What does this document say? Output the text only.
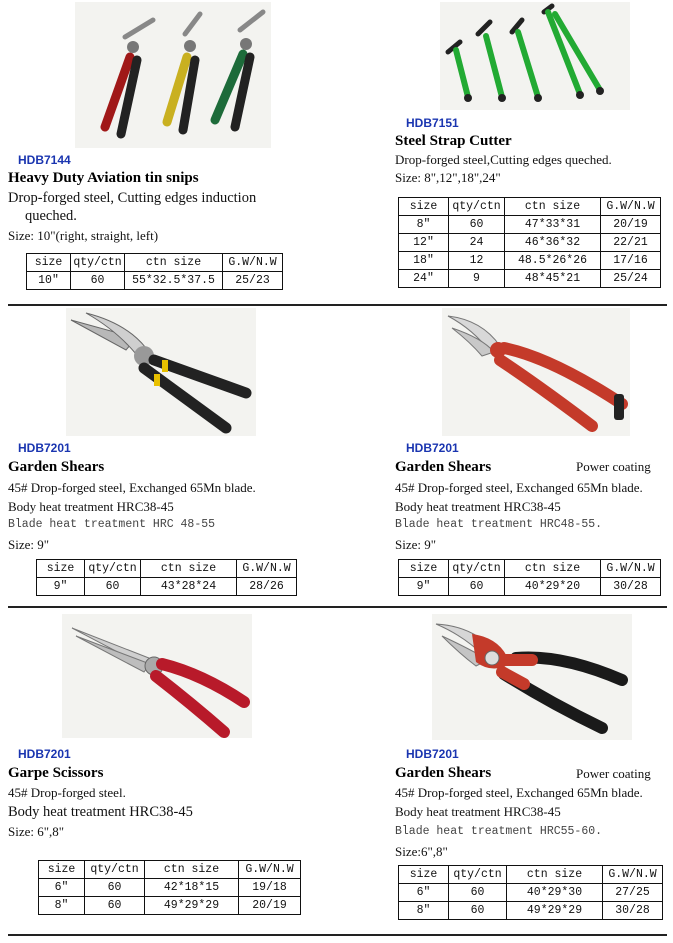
HDB7144
Heavy Duty Aviation tin snips
Drop-forged steel, Cutting edges induction
queched.
Size: 10"(right, straight, left)
size	qty/ctn	ctn size	G.W/N.W
10"	60	55*32.5*37.5	25/23
HDB7151
Steel Strap Cutter
Drop-forged steel,Cutting edges queched.
Size: 8",12",18",24"
size	qty/ctn	ctn size	G.W/N.W
8"	60	47*33*31	20/19
12"	24	46*36*32	22/21
18"	12	48.5*26*26	17/16
24"	9	48*45*21	25/24
HDB7201
Garden Shears
45# Drop-forged steel, Exchanged 65Mn blade.
Body heat treatment HRC38-45
Blade heat treatment HRC 48-55
Size: 9"
size	qty/ctn	ctn size	G.W/N.W
9"	60	43*28*24	28/26
HDB7201
Garden Shears	Power coating
45# Drop-forged steel, Exchanged 65Mn blade.
Body heat treatment HRC38-45
Blade heat treatment HRC48-55.
Size: 9"
size	qty/ctn	ctn size	G.W/N.W
9"	60	40*29*20	30/28
HDB7201
Garpe Scissors
45# Drop-forged steel.
Body heat treatment HRC38-45
Size: 6",8"
size	qty/ctn	ctn size	G.W/N.W
6"	60	42*18*15	19/18
8"	60	49*29*29	20/19
HDB7201
Garden Shears	Power coating
45# Drop-forged steel, Exchanged 65Mn blade.
Body heat treatment HRC38-45
Blade heat treatment HRC55-60.
Size:6",8"
size	qty/ctn	ctn size	G.W/N.W
6"	60	40*29*30	27/25
8"	60	49*29*29	30/28
